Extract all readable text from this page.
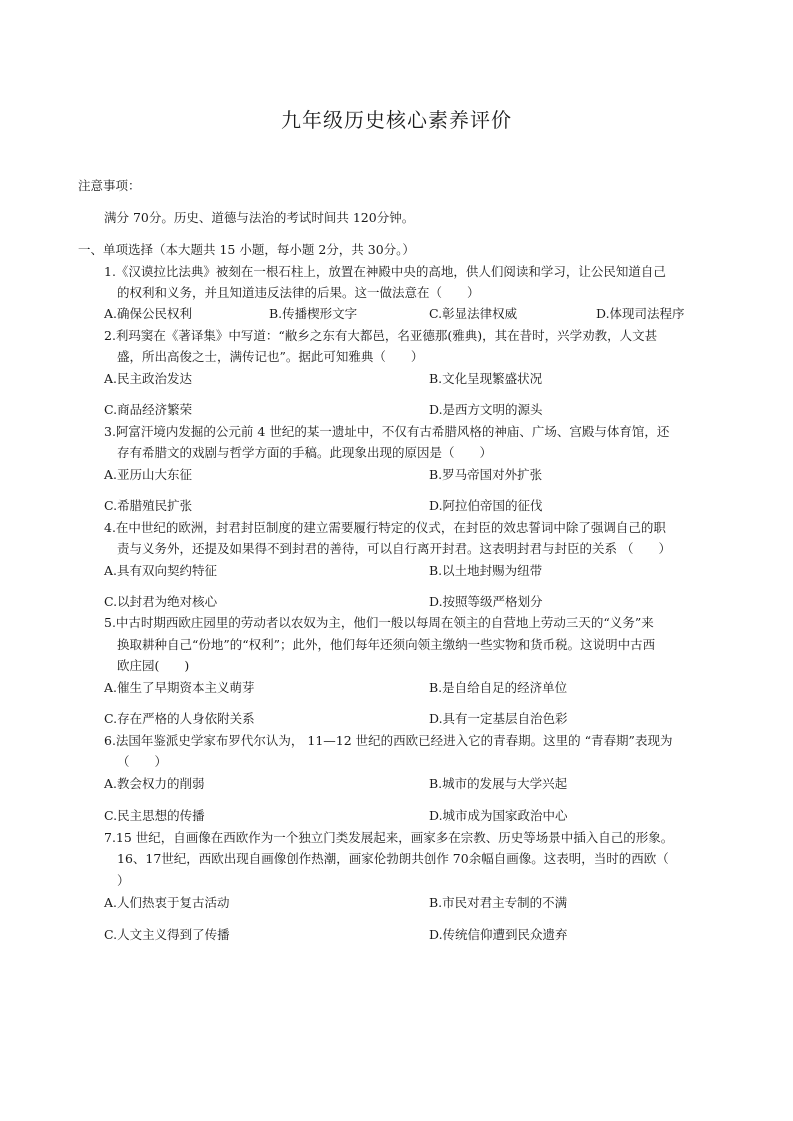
九年级历史核心素养评价
注意事项：
满分 70分。历史、道德与法治的考试时间共 120分钟。
一、单项选择（本大题共 15 小题，每小题 2分，共 30分。）
1.《汉谟拉比法典》被刻在一根石柱上，放置在神殿中央的高地，供人们阅读和学习，让公民知道自己
的权利和义务，并且知道违反法律的后果。这一做法意在（　　）
A.确保公民权利	B.传播楔形文字	C.彰显法律权威	D.体现司法程序
2.利玛窦在《著译集》中写道：“敝乡之东有大都邑，名亚德那(雅典)，其在昔时，兴学劝教，人文甚
盛，所出高俊之士，满传记也”。据此可知雅典（　　）
A.民主政治发达	B.文化呈现繁盛状况
C.商品经济繁荣	D.是西方文明的源头
3.阿富汗境内发掘的公元前 4 世纪的某一遗址中，不仅有古希腊风格的神庙、广场、宫殿与体育馆，还
存有希腊文的戏剧与哲学方面的手稿。此现象出现的原因是（　　）
A.亚历山大东征	B.罗马帝国对外扩张
C.希腊殖民扩张	D.阿拉伯帝国的征伐
4.在中世纪的欧洲，封君封臣制度的建立需要履行特定的仪式，在封臣的效忠誓词中除了强调自己的职
责与义务外，还提及如果得不到封君的善待，可以自行离开封君。这表明封君与封臣的关系 （　　）
A.具有双向契约特征	B.以土地封赐为纽带
C.以封君为绝对核心	D.按照等级严格划分
5.中古时期西欧庄园里的劳动者以农奴为主，他们一般以每周在领主的自营地上劳动三天的“义务”来
换取耕种自己“份地”的“权利”；此外，他们每年还须向领主缴纳一些实物和货币税。这说明中古西
欧庄园(　　)
A.催生了早期资本主义萌芽	B.是自给自足的经济单位
C.存在严格的人身依附关系	D.具有一定基层自治色彩
6.法国年鉴派史学家布罗代尔认为， 11—12 世纪的西欧已经进入它的青春期。这里的 “青春期”表现为
（　　）
A.教会权力的削弱	B.城市的发展与大学兴起
C.民主思想的传播	D.城市成为国家政治中心
7.15 世纪，自画像在西欧作为一个独立门类发展起来，画家多在宗教、历史等场景中插入自己的形象。
16、17世纪，西欧出现自画像创作热潮，画家伦勃朗共创作 70余幅自画像。这表明，当时的西欧（
）
A.人们热衷于复古活动	B.市民对君主专制的不满
C.人文主义得到了传播	D.传统信仰遭到民众遗弃
